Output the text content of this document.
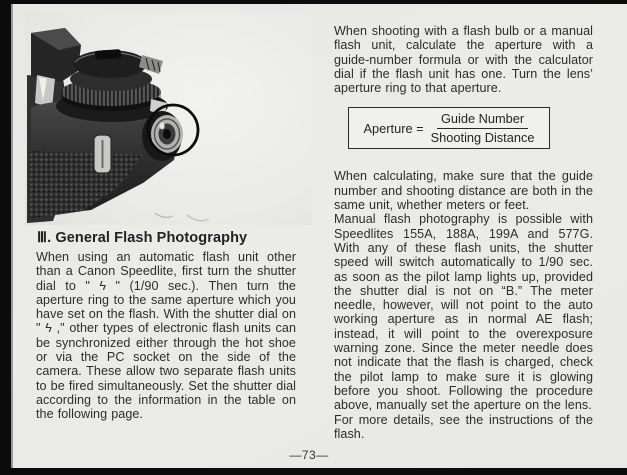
Ⅲ. General Flash Photography

When using an automatic flash unit other than a Canon Speedlite, first turn the shutter dial to " ϟ " (1/90 sec.). Then turn the aperture ring to the same aperture which you have set on the flash. With the shutter dial on " ϟ ," other types of electronic flash units can be synchronized either through the hot shoe or via the PC socket on the side of the camera. These allow two separate flash units to be fired simultaneously. Set the shutter dial according to the information in the table on the following page.

When shooting with a flash bulb or a manual flash unit, calculate the aperture with a guide-number formula or with the calculator dial if the flash unit has one. Turn the lens’ aperture ring to that aperture.

Aperture = $\frac{\text{Guide Number}}{\text{Shooting Distance}}$

When calculating, make sure that the guide number and shooting distance are both in the same unit, whether meters or feet.

Manual flash photography is possible with Speedlites 155A, 188A, 199A and 577G. With any of these flash units, the shutter speed will switch automatically to 1/90 sec. as soon as the pilot lamp lights up, provided the shutter dial is not on “B.” The meter needle, however, will not point to the auto working aperture as in normal AE flash; instead, it will point to the overexposure warning zone. Since the meter needle does not indicate that the flash is charged, check the pilot lamp to make sure it is glowing before you shoot. Following the procedure above, manually set the aperture on the lens.

For more details, see the instructions of the flash.

—73—
